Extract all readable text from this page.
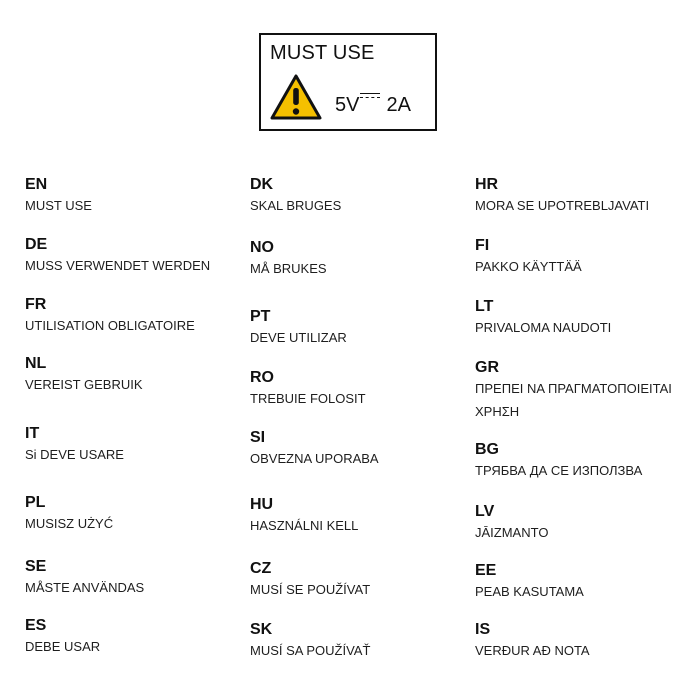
MUST USE
5V 2A
EN
MUST USE
DE
MUSS VERWENDET WERDEN
FR
UTILISATION OBLIGATOIRE
NL
VEREIST GEBRUIK
IT
Si DEVE USARE
PL
MUSISZ UŻYĆ
SE
MÅSTE ANVÄNDAS
ES
DEBE USAR
DK
SKAL BRUGES
NO
MÅ BRUKES
PT
DEVE UTILIZAR
RO
TREBUIE FOLOSIT
SI
OBVEZNA UPORABA
HU
HASZNÁLNI KELL
CZ
MUSÍ SE POUŽÍVAT
SK
MUSÍ SA POUŽÍVAŤ
HR
MORA SE UPOTREBLJAVATI
FI
PAKKO KÄYTTÄÄ
LT
PRIVALOMA NAUDOTI
GR
ΠΡΕΠΕΙ ΝΑ ΠΡΑΓΜΑΤΟΠΟΙΕΙΤΑΙ
ΧΡΗΣΗ
BG
ТРЯБВА ДА СЕ ИЗПОЛЗВА
LV
JĀIZMANTO
EE
PEAB KASUTAMA
IS
VERÐUR AÐ NOTA
